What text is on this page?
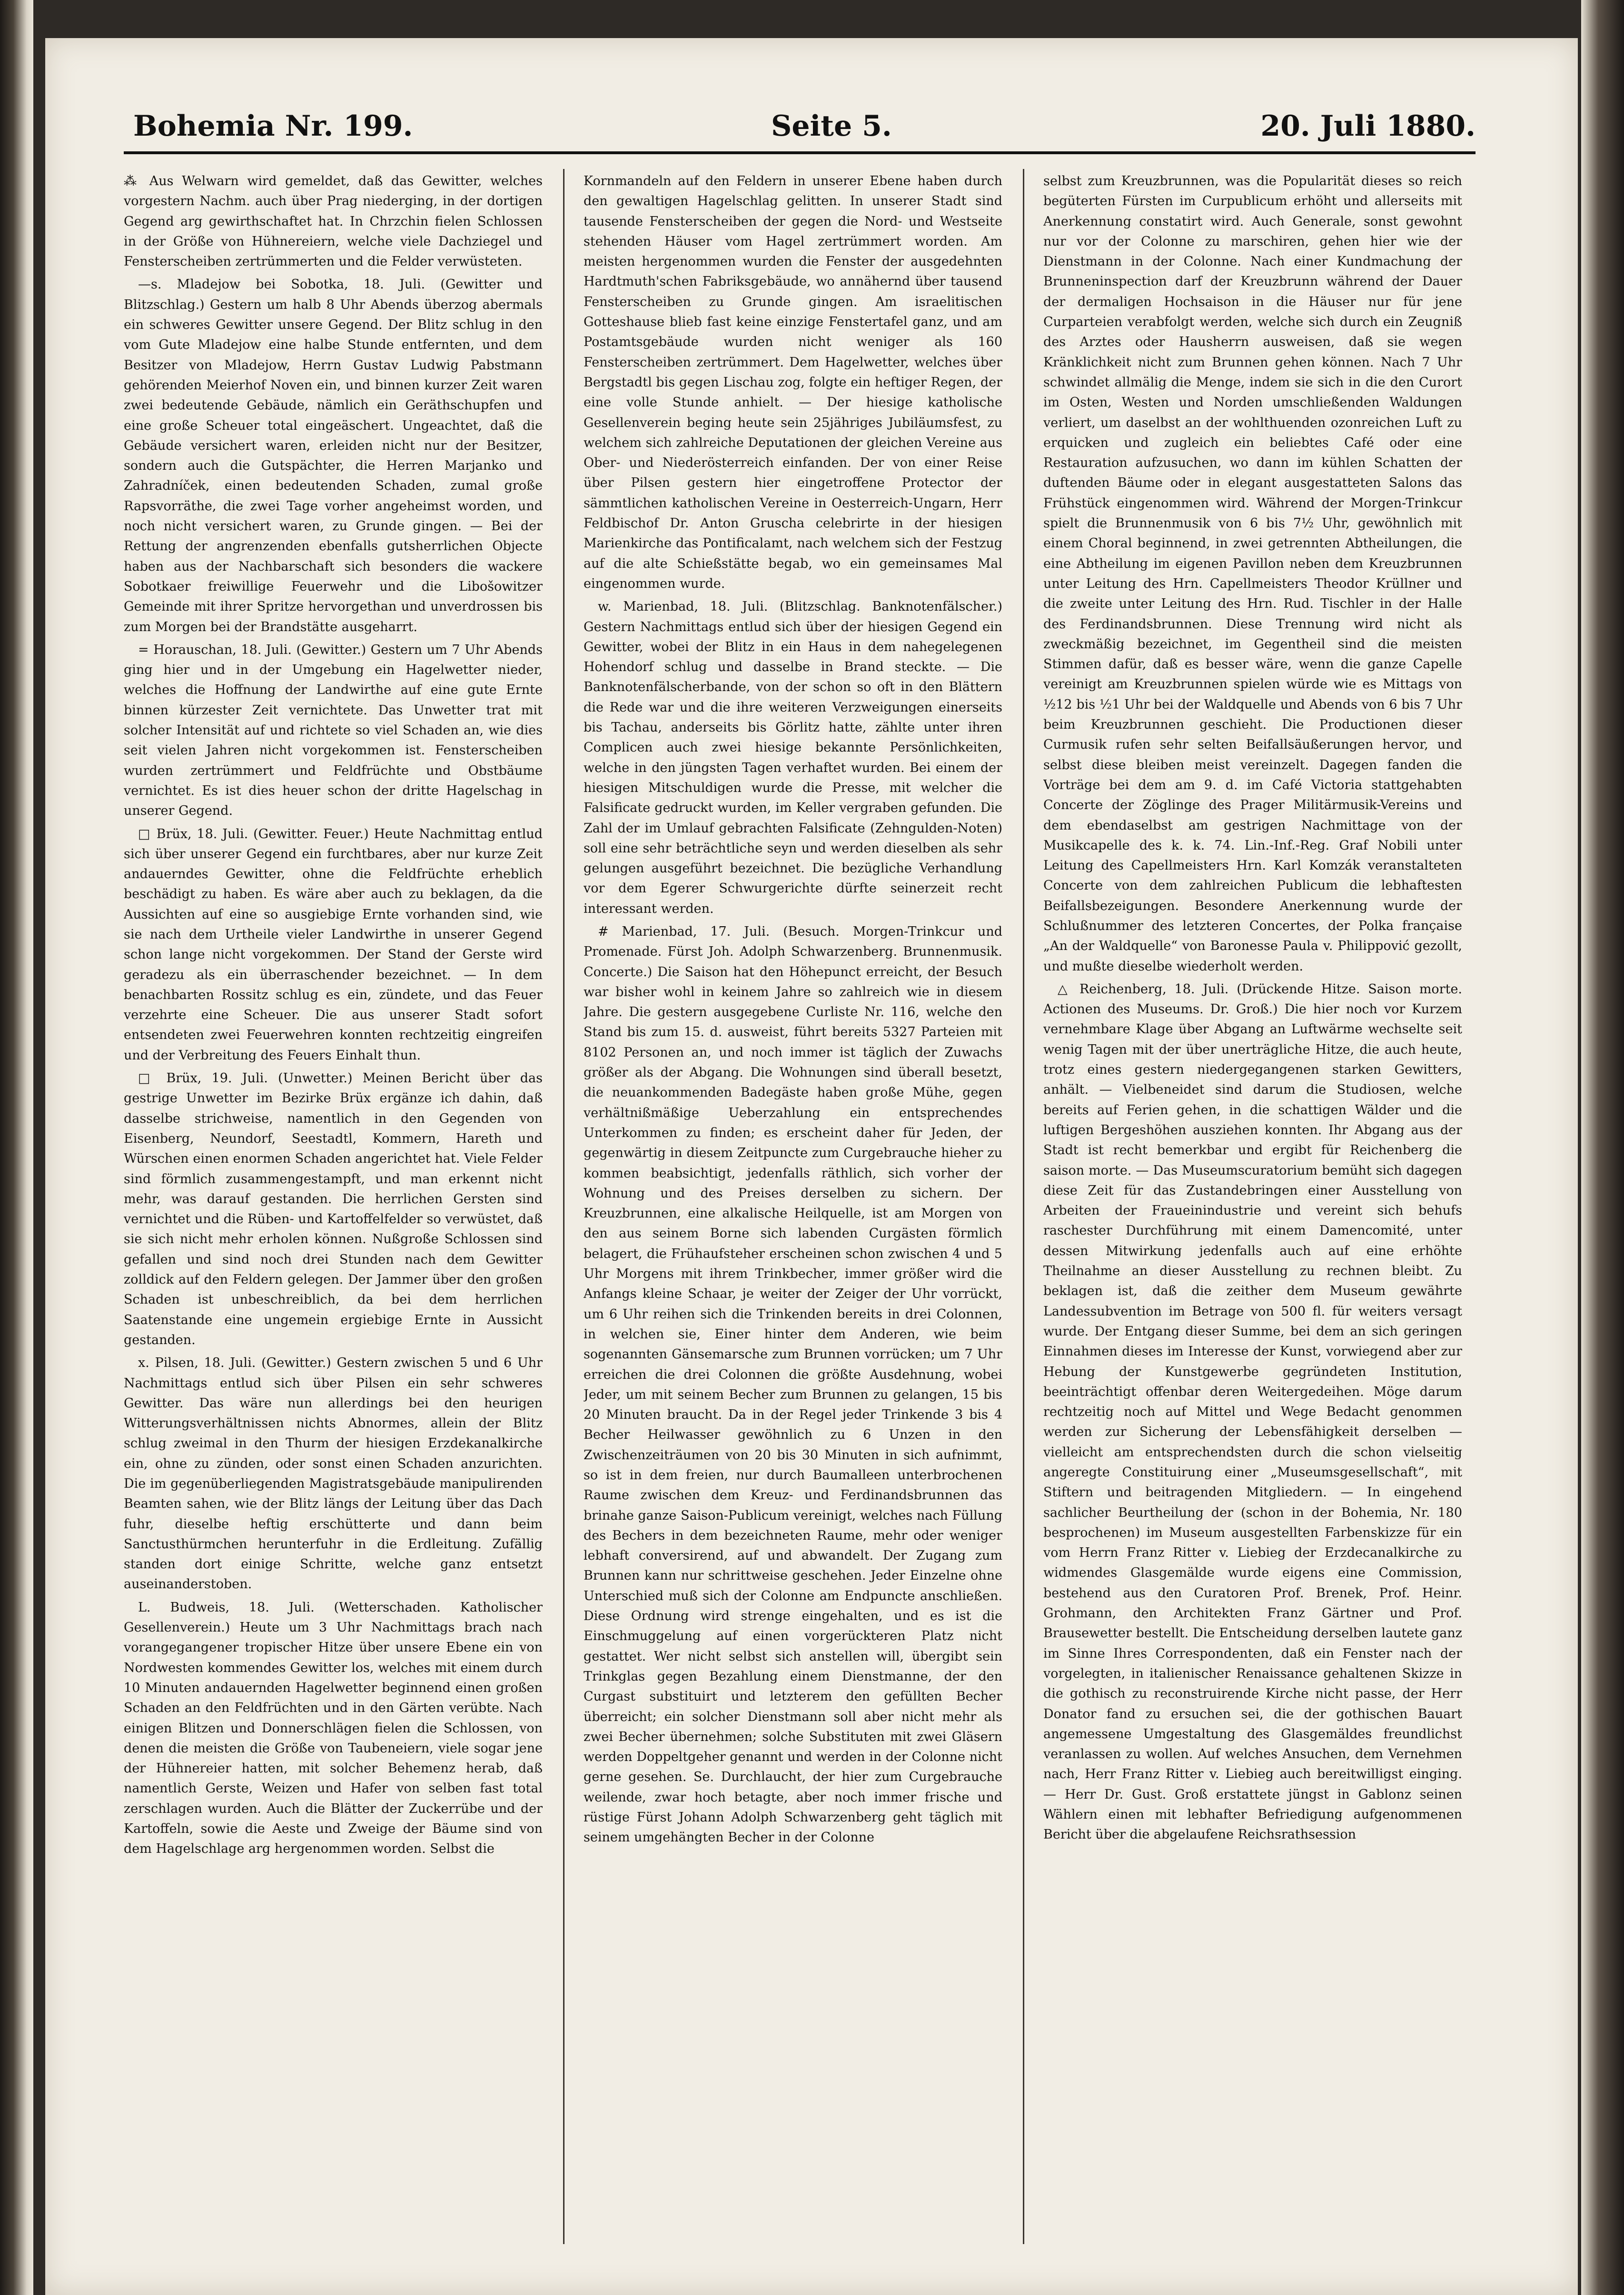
Bohemia Nr. 199.	Seite 5.	20. Juli 1880.

⁂ Aus Welwarn wird gemeldet, daß das Gewitter, welches vorgestern Nachm. auch über Prag niederging, in der dortigen Gegend arg gewirthschaftet hat. In Chrzchin fielen Schlossen in der Größe von Hühnereiern, welche viele Dachziegel und Fensterscheiben zertrümmerten und die Felder verwüsteten.

—s. Mladejow bei Sobotka, 18. Juli. (Gewitter und Blitzschlag.) Gestern um halb 8 Uhr Abends überzog abermals ein schweres Gewitter unsere Gegend. Der Blitz schlug in den vom Gute Mladejow eine halbe Stunde entfernten, und dem Besitzer von Mladejow, Herrn Gustav Ludwig Pabstmann gehörenden Meierhof Noven ein, und binnen kurzer Zeit waren zwei bedeutende Gebäude, nämlich ein Geräthschupfen und eine große Scheuer total eingeäschert. Ungeachtet, daß die Gebäude versichert waren, erleiden nicht nur der Besitzer, sondern auch die Gutspächter, die Herren Marjanko und Zahradníček, einen bedeutenden Schaden, zumal große Rapsvorräthe, die zwei Tage vorher angeheimst worden, und noch nicht versichert waren, zu Grunde gingen. — Bei der Rettung der angrenzenden ebenfalls gutsherrlichen Objecte haben aus der Nachbarschaft sich besonders die wackere Sobotkaer freiwillige Feuerwehr und die Libošowitzer Gemeinde mit ihrer Spritze hervorgethan und unverdrossen bis zum Morgen bei der Brandstätte ausgeharrt.

= Horauschan, 18. Juli. (Gewitter.) Gestern um 7 Uhr Abends ging hier und in der Umgebung ein Hagelwetter nieder, welches die Hoffnung der Landwirthe auf eine gute Ernte binnen kürzester Zeit vernichtete. Das Unwetter trat mit solcher Intensität auf und richtete so viel Schaden an, wie dies seit vielen Jahren nicht vorgekommen ist. Fensterscheiben wurden zertrümmert und Feldfrüchte und Obstbäume vernichtet. Es ist dies heuer schon der dritte Hagelschag in unserer Gegend.

□ Brüx, 18. Juli. (Gewitter. Feuer.) Heute Nachmittag entlud sich über unserer Gegend ein furchtbares, aber nur kurze Zeit andauerndes Gewitter, ohne die Feldfrüchte erheblich beschädigt zu haben. Es wäre aber auch zu beklagen, da die Aussichten auf eine so ausgiebige Ernte vorhanden sind, wie sie nach dem Urtheile vieler Landwirthe in unserer Gegend schon lange nicht vorgekommen. Der Stand der Gerste wird geradezu als ein überraschender bezeichnet. — In dem benachbarten Rossitz schlug es ein, zündete, und das Feuer verzehrte eine Scheuer. Die aus unserer Stadt sofort entsendeten zwei Feuerwehren konnten rechtzeitig eingreifen und der Verbreitung des Feuers Einhalt thun.

□ Brüx, 19. Juli. (Unwetter.) Meinen Bericht über das gestrige Unwetter im Bezirke Brüx ergänze ich dahin, daß dasselbe strichweise, namentlich in den Gegenden von Eisenberg, Neundorf, Seestadtl, Kommern, Hareth und Würschen einen enormen Schaden angerichtet hat. Viele Felder sind förmlich zusammengestampft, und man erkennt nicht mehr, was darauf gestanden. Die herrlichen Gersten sind vernichtet und die Rüben- und Kartoffelfelder so verwüstet, daß sie sich nicht mehr erholen können. Nußgroße Schlossen sind gefallen und sind noch drei Stunden nach dem Gewitter zolldick auf den Feldern gelegen. Der Jammer über den großen Schaden ist unbeschreiblich, da bei dem herrlichen Saatenstande eine ungemein ergiebige Ernte in Aussicht gestanden.

x. Pilsen, 18. Juli. (Gewitter.) Gestern zwischen 5 und 6 Uhr Nachmittags entlud sich über Pilsen ein sehr schweres Gewitter. Das wäre nun allerdings bei den heurigen Witterungsverhältnissen nichts Abnormes, allein der Blitz schlug zweimal in den Thurm der hiesigen Erzdekanalkirche ein, ohne zu zünden, oder sonst einen Schaden anzurichten. Die im gegenüberliegenden Magistratsgebäude manipulirenden Beamten sahen, wie der Blitz längs der Leitung über das Dach fuhr, dieselbe heftig erschütterte und dann beim Sanctusthürmchen herunterfuhr in die Erdleitung. Zufällig standen dort einige Schritte, welche ganz entsetzt auseinanderstoben.

L. Budweis, 18. Juli. (Wetterschaden. Katholischer Gesellenverein.) Heute um 3 Uhr Nachmittags brach nach vorangegangener tropischer Hitze über unsere Ebene ein von Nordwesten kommendes Gewitter los, welches mit einem durch 10 Minuten andauernden Hagelwetter beginnend einen großen Schaden an den Feldfrüchten und in den Gärten verübte. Nach einigen Blitzen und Donnerschlägen fielen die Schlossen, von denen die meisten die Größe von Taubeneiern, viele sogar jene der Hühnereier hatten, mit solcher Behemenz herab, daß namentlich Gerste, Weizen und Hafer von selben fast total zerschlagen wurden. Auch die Blätter der Zuckerrübe und der Kartoffeln, sowie die Aeste und Zweige der Bäume sind von dem Hagelschlage arg hergenommen worden. Selbst die

Kornmandeln auf den Feldern in unserer Ebene haben durch den gewaltigen Hagelschlag gelitten. In unserer Stadt sind tausende Fensterscheiben der gegen die Nord- und Westseite stehenden Häuser vom Hagel zertrümmert worden. Am meisten hergenommen wurden die Fenster der ausgedehnten Hardtmuth'schen Fabriksgebäude, wo annähernd über tausend Fensterscheiben zu Grunde gingen. Am israelitischen Gotteshause blieb fast keine einzige Fenstertafel ganz, und am Postamtsgebäude wurden nicht weniger als 160 Fensterscheiben zertrümmert. Dem Hagelwetter, welches über Bergstadtl bis gegen Lischau zog, folgte ein heftiger Regen, der eine volle Stunde anhielt. — Der hiesige katholische Gesellenverein beging heute sein 25jähriges Jubiläumsfest, zu welchem sich zahlreiche Deputationen der gleichen Vereine aus Ober- und Niederösterreich einfanden. Der von einer Reise über Pilsen gestern hier eingetroffene Protector der sämmtlichen katholischen Vereine in Oesterreich-Ungarn, Herr Feldbischof Dr. Anton Gruscha celebrirte in der hiesigen Marienkirche das Pontificalamt, nach welchem sich der Festzug auf die alte Schießstätte begab, wo ein gemeinsames Mal eingenommen wurde.

w. Marienbad, 18. Juli. (Blitzschlag. Banknotenfälscher.) Gestern Nachmittags entlud sich über der hiesigen Gegend ein Gewitter, wobei der Blitz in ein Haus in dem nahegelegenen Hohendorf schlug und dasselbe in Brand steckte. — Die Banknotenfälscherbande, von der schon so oft in den Blättern die Rede war und die ihre weiteren Verzweigungen einerseits bis Tachau, anderseits bis Görlitz hatte, zählte unter ihren Complicen auch zwei hiesige bekannte Persönlichkeiten, welche in den jüngsten Tagen verhaftet wurden. Bei einem der hiesigen Mitschuldigen wurde die Presse, mit welcher die Falsificate gedruckt wurden, im Keller vergraben gefunden. Die Zahl der im Umlauf gebrachten Falsificate (Zehngulden-Noten) soll eine sehr beträchtliche seyn und werden dieselben als sehr gelungen ausgeführt bezeichnet. Die bezügliche Verhandlung vor dem Egerer Schwurgerichte dürfte seinerzeit recht interessant werden.

# Marienbad, 17. Juli. (Besuch. Morgen-Trinkcur und Promenade. Fürst Joh. Adolph Schwarzenberg. Brunnenmusik. Concerte.) Die Saison hat den Höhepunct erreicht, der Besuch war bisher wohl in keinem Jahre so zahlreich wie in diesem Jahre. Die gestern ausgegebene Curliste Nr. 116, welche den Stand bis zum 15. d. ausweist, führt bereits 5327 Parteien mit 8102 Personen an, und noch immer ist täglich der Zuwachs größer als der Abgang. Die Wohnungen sind überall besetzt, die neuankommenden Badegäste haben große Mühe, gegen verhältnißmäßige Ueberzahlung ein entsprechendes Unterkommen zu finden; es erscheint daher für Jeden, der gegenwärtig in diesem Zeitpuncte zum Curgebrauche hieher zu kommen beabsichtigt, jedenfalls räthlich, sich vorher der Wohnung und des Preises derselben zu sichern. Der Kreuzbrunnen, eine alkalische Heilquelle, ist am Morgen von den aus seinem Borne sich labenden Curgästen förmlich belagert, die Frühaufsteher erscheinen schon zwischen 4 und 5 Uhr Morgens mit ihrem Trinkbecher, immer größer wird die Anfangs kleine Schaar, je weiter der Zeiger der Uhr vorrückt, um 6 Uhr reihen sich die Trinkenden bereits in drei Colonnen, in welchen sie, Einer hinter dem Anderen, wie beim sogenannten Gänsemarsche zum Brunnen vorrücken; um 7 Uhr erreichen die drei Colonnen die größte Ausdehnung, wobei Jeder, um mit seinem Becher zum Brunnen zu gelangen, 15 bis 20 Minuten braucht. Da in der Regel jeder Trinkende 3 bis 4 Becher Heilwasser gewöhnlich zu 6 Unzen in den Zwischenzeiträumen von 20 bis 30 Minuten in sich aufnimmt, so ist in dem freien, nur durch Baumalleen unterbrochenen Raume zwischen dem Kreuz- und Ferdinandsbrunnen das brinahe ganze Saison-Publicum vereinigt, welches nach Füllung des Bechers in dem bezeichneten Raume, mehr oder weniger lebhaft conversirend, auf und abwandelt. Der Zugang zum Brunnen kann nur schrittweise geschehen. Jeder Einzelne ohne Unterschied muß sich der Colonne am Endpuncte anschließen. Diese Ordnung wird strenge eingehalten, und es ist die Einschmuggelung auf einen vorgerückteren Platz nicht gestattet. Wer nicht selbst sich anstellen will, übergibt sein Trinkglas gegen Bezahlung einem Dienstmanne, der den Curgast substituirt und letzterem den gefüllten Becher überreicht; ein solcher Dienstmann soll aber nicht mehr als zwei Becher übernehmen; solche Substituten mit zwei Gläsern werden Doppeltgeher genannt und werden in der Colonne nicht gerne gesehen. Se. Durchlaucht, der hier zum Curgebrauche weilende, zwar hoch betagte, aber noch immer frische und rüstige Fürst Johann Adolph Schwarzenberg geht täglich mit seinem umgehängten Becher in der Colonne

selbst zum Kreuzbrunnen, was die Popularität dieses so reich begüterten Fürsten im Curpublicum erhöht und allerseits mit Anerkennung constatirt wird. Auch Generale, sonst gewohnt nur vor der Colonne zu marschiren, gehen hier wie der Dienstmann in der Colonne. Nach einer Kundmachung der Brunneninspection darf der Kreuzbrunn während der Dauer der dermaligen Hochsaison in die Häuser nur für jene Curparteien verabfolgt werden, welche sich durch ein Zeugniß des Arztes oder Hausherrn ausweisen, daß sie wegen Kränklichkeit nicht zum Brunnen gehen können. Nach 7 Uhr schwindet allmälig die Menge, indem sie sich in die den Curort im Osten, Westen und Norden umschließenden Waldungen verliert, um daselbst an der wohlthuenden ozonreichen Luft zu erquicken und zugleich ein beliebtes Café oder eine Restauration aufzusuchen, wo dann im kühlen Schatten der duftenden Bäume oder in elegant ausgestatteten Salons das Frühstück eingenommen wird. Während der Morgen-Trinkcur spielt die Brunnenmusik von 6 bis 7½ Uhr, gewöhnlich mit einem Choral beginnend, in zwei getrennten Abtheilungen, die eine Abtheilung im eigenen Pavillon neben dem Kreuzbrunnen unter Leitung des Hrn. Capellmeisters Theodor Krüllner und die zweite unter Leitung des Hrn. Rud. Tischler in der Halle des Ferdinandsbrunnen. Diese Trennung wird nicht als zweckmäßig bezeichnet, im Gegentheil sind die meisten Stimmen dafür, daß es besser wäre, wenn die ganze Capelle vereinigt am Kreuzbrunnen spielen würde wie es Mittags von ½12 bis ½1 Uhr bei der Waldquelle und Abends von 6 bis 7 Uhr beim Kreuzbrunnen geschieht. Die Productionen dieser Curmusik rufen sehr selten Beifallsäußerungen hervor, und selbst diese bleiben meist vereinzelt. Dagegen fanden die Vorträge bei dem am 9. d. im Café Victoria stattgehabten Concerte der Zöglinge des Prager Militärmusik-Vereins und dem ebendaselbst am gestrigen Nachmittage von der Musikcapelle des k. k. 74. Lin.-Inf.-Reg. Graf Nobili unter Leitung des Capellmeisters Hrn. Karl Komzák veranstalteten Concerte von dem zahlreichen Publicum die lebhaftesten Beifallsbezeigungen. Besondere Anerkennung wurde der Schlußnummer des letzteren Concertes, der Polka française „An der Waldquelle“ von Baronesse Paula v. Philippović gezollt, und mußte dieselbe wiederholt werden.

△ Reichenberg, 18. Juli. (Drückende Hitze. Saison morte. Actionen des Museums. Dr. Groß.) Die hier noch vor Kurzem vernehmbare Klage über Abgang an Luftwärme wechselte seit wenig Tagen mit der über unerträgliche Hitze, die auch heute, trotz eines gestern niedergegangenen starken Gewitters, anhält. — Vielbeneidet sind darum die Studiosen, welche bereits auf Ferien gehen, in die schattigen Wälder und die luftigen Bergeshöhen ausziehen konnten. Ihr Abgang aus der Stadt ist recht bemerkbar und ergibt für Reichenberg die saison morte. — Das Museumscuratorium bemüht sich dagegen diese Zeit für das Zustandebringen einer Ausstellung von Arbeiten der Fraueinindustrie und vereint sich behufs raschester Durchführung mit einem Damencomité, unter dessen Mitwirkung jedenfalls auch auf eine erhöhte Theilnahme an dieser Ausstellung zu rechnen bleibt. Zu beklagen ist, daß die zeither dem Museum gewährte Landessubvention im Betrage von 500 fl. für weiters versagt wurde. Der Entgang dieser Summe, bei dem an sich geringen Einnahmen dieses im Interesse der Kunst, vorwiegend aber zur Hebung der Kunstgewerbe gegründeten Institution, beeinträchtigt offenbar deren Weitergedeihen. Möge darum rechtzeitig noch auf Mittel und Wege Bedacht genommen werden zur Sicherung der Lebensfähigkeit derselben — vielleicht am entsprechendsten durch die schon vielseitig angeregte Constituirung einer „Museumsgesellschaft“, mit Stiftern und beitragenden Mitgliedern. — In eingehend sachlicher Beurtheilung der (schon in der Bohemia, Nr. 180 besprochenen) im Museum ausgestellten Farbenskizze für ein vom Herrn Franz Ritter v. Liebieg der Erzdecanalkirche zu widmendes Glasgemälde wurde eigens eine Commission, bestehend aus den Curatoren Prof. Brenek, Prof. Heinr. Grohmann, den Architekten Franz Gärtner und Prof. Brausewetter bestellt. Die Entscheidung derselben lautete ganz im Sinne Ihres Correspondenten, daß ein Fenster nach der vorgelegten, in italienischer Renaissance gehaltenen Skizze in die gothisch zu reconstruirende Kirche nicht passe, der Herr Donator fand zu ersuchen sei, die der gothischen Bauart angemessene Umgestaltung des Glasgemäldes freundlichst veranlassen zu wollen. Auf welches Ansuchen, dem Vernehmen nach, Herr Franz Ritter v. Liebieg auch bereitwilligst einging. — Herr Dr. Gust. Groß erstattete jüngst in Gablonz seinen Wählern einen mit lebhafter Befriedigung aufgenommenen Bericht über die abgelaufene Reichsrathsession
